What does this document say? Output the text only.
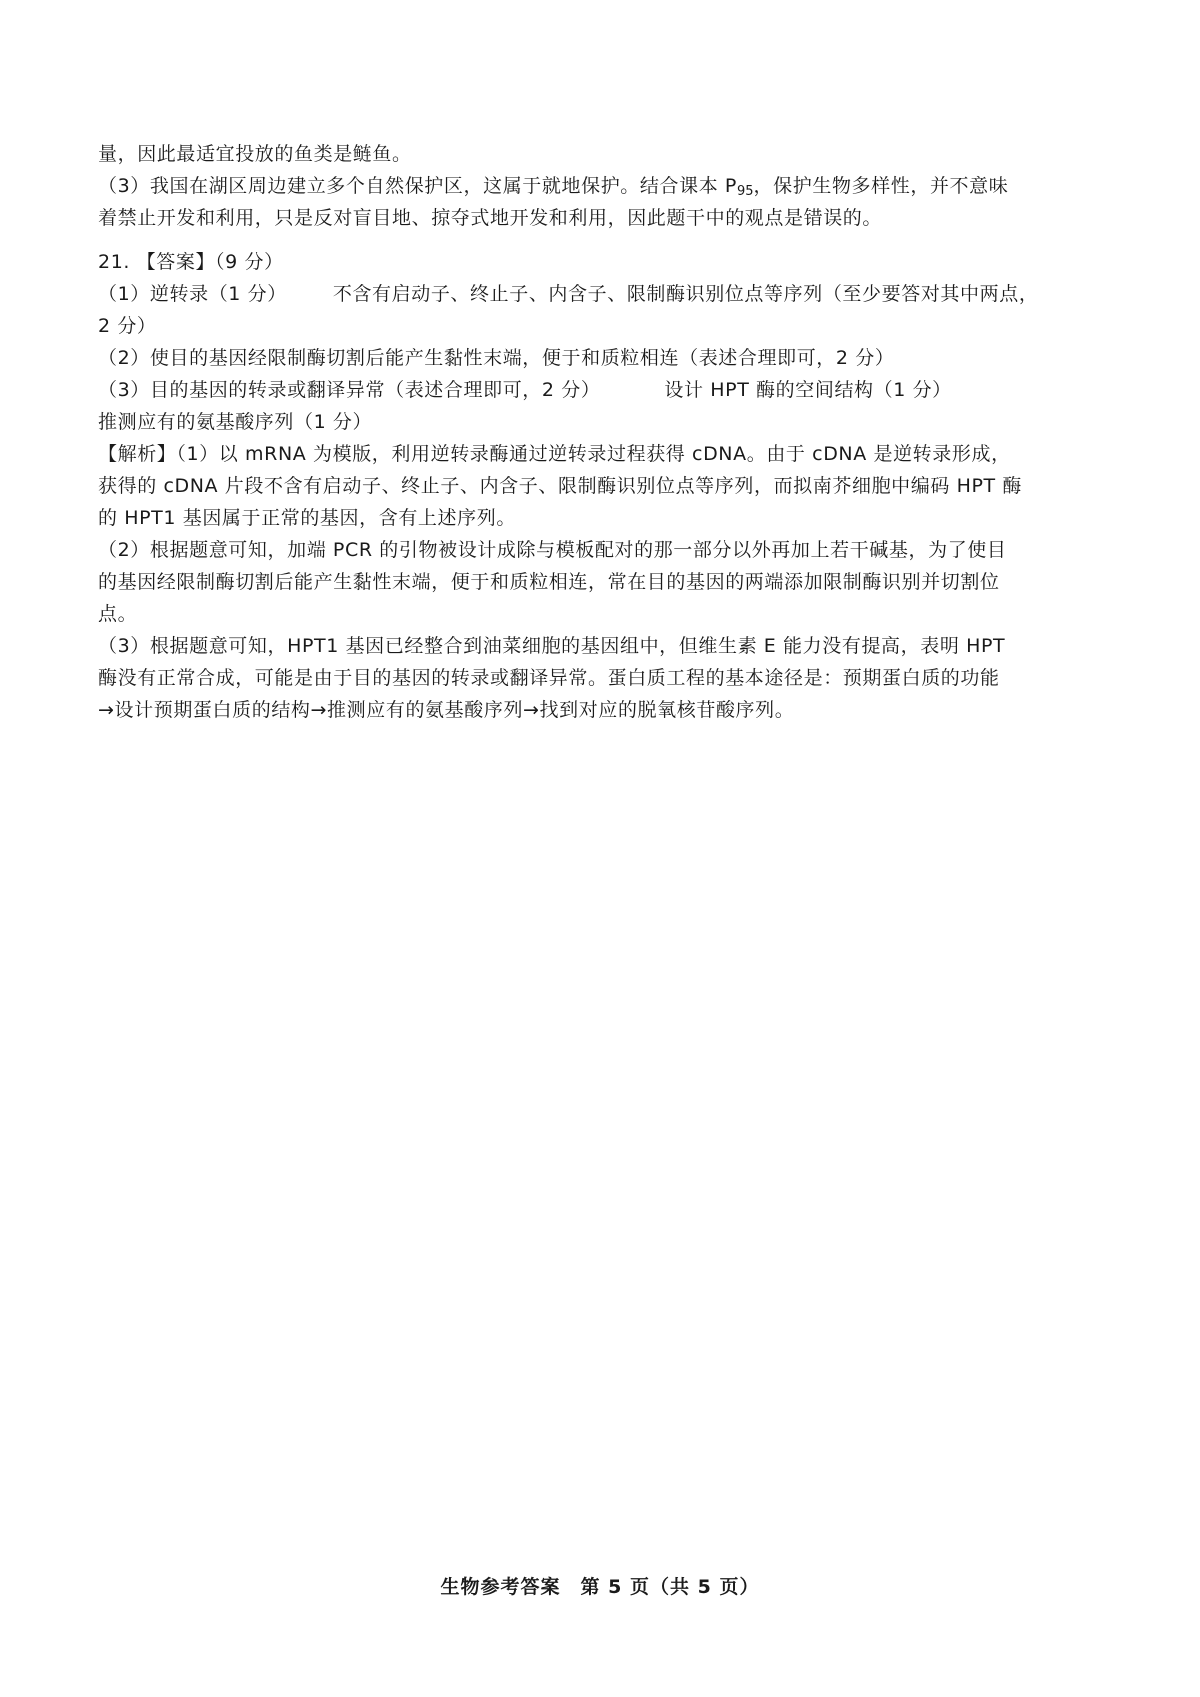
量，因此最适宜投放的鱼类是鲢鱼。
（3）我国在湖区周边建立多个自然保护区，这属于就地保护。结合课本 $P_{95}$，保护生物多样性，并不意味
着禁止开发和利用，只是反对盲目地、掠夺式地开发和利用，因此题干中的观点是错误的。
21. 【答案】（9 分）
（1）逆转录（1 分） 不含有启动子、终止子、内含子、限制酶识别位点等序列（至少要答对其中两点，
2 分）
（2）使目的基因经限制酶切割后能产生黏性末端，便于和质粒相连（表述合理即可，2 分）
（3）目的基因的转录或翻译异常（表述合理即可，2 分）	设计 HPT 酶的空间结构（1 分）
推测应有的氨基酸序列（1 分）
【解析】（1）以 mRNA 为模版，利用逆转录酶通过逆转录过程获得 cDNA。由于 cDNA 是逆转录形成，
获得的 cDNA 片段不含有启动子、终止子、内含子、限制酶识别位点等序列，而拟南芥细胞中编码 HPT 酶
的 HPT1 基因属于正常的基因，含有上述序列。
（2）根据题意可知，加端 PCR 的引物被设计成除与模板配对的那一部分以外再加上若干碱基，为了使目
的基因经限制酶切割后能产生黏性末端，便于和质粒相连，常在目的基因的两端添加限制酶识别并切割位
点。
（3）根据题意可知，HPT1 基因已经整合到油菜细胞的基因组中，但维生素 E 能力没有提高，表明 HPT
酶没有正常合成，可能是由于目的基因的转录或翻译异常。蛋白质工程的基本途径是：预期蛋白质的功能
→设计预期蛋白质的结构→推测应有的氨基酸序列→找到对应的脱氧核苷酸序列。
生物参考答案　第 5 页（共 5 页）
